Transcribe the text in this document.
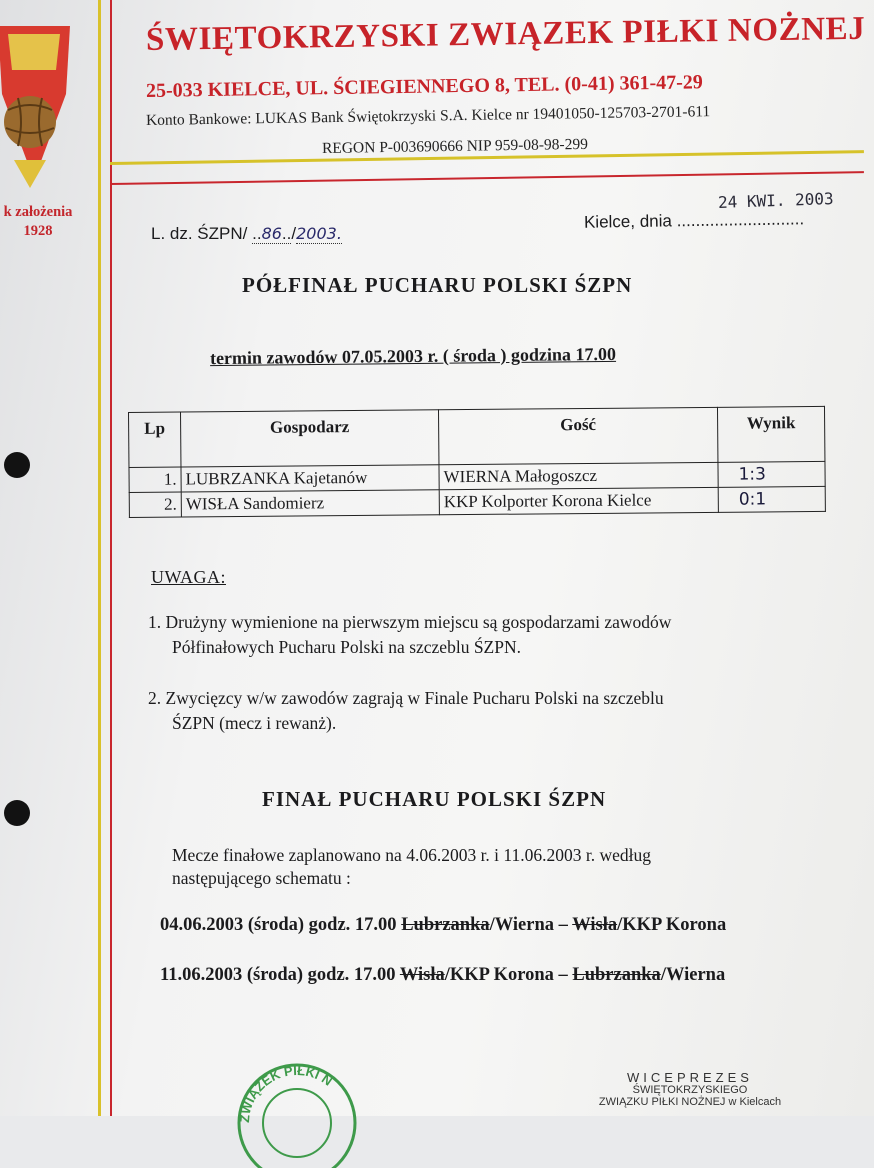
k założenia
1928
ŚWIĘTOKRZYSKI ZWIĄZEK PIŁKI NOŻNEJ
25-033 KIELCE, UL. ŚCIEGIENNEGO 8, TEL. (0-41) 361-47-29
Konto Bankowe: LUKAS Bank Świętokrzyski S.A. Kielce nr 19401050-125703-2701-611
REGON P-003690666 NIP 959-08-98-299
L. dz. ŚZPN/ ..86../2003.
24 KWI. 2003
Kielce, dnia ...........................
PÓŁFINAŁ PUCHARU POLSKI ŚZPN
termin zawodów 07.05.2003 r. ( środa ) godzina 17.00
Lp	Gospodarz	Gość	Wynik
1.	LUBRZANKA Kajetanów	WIERNA Małogoszcz	1:3
2.	WISŁA Sandomierz	KKP Kolporter Korona Kielce	0:1
UWAGA:
1. Drużyny wymienione na pierwszym miejscu są gospodarzami zawodów
Półfinałowych Pucharu Polski na szczeblu ŚZPN.
2. Zwycięzcy w/w zawodów zagrają w Finale Pucharu Polski na szczeblu
ŚZPN (mecz i rewanż).
FINAŁ PUCHARU POLSKI ŚZPN
Mecze finałowe zaplanowano na 4.06.2003 r. i 11.06.2003 r. według
następującego schematu :
04.06.2003 (środa) godz. 17.00 Lubrzanka/Wierna – Wisła/KKP Korona
11.06.2003 (środa) godz. 17.00 Wisła/KKP Korona – Lubrzanka/Wierna
ZWIĄZEK PIŁKI N	WICEPREZES
ŚWIĘTOKRZYSKIEGO
ZWIĄZKU PIŁKI NOŻNEJ w Kielcach
